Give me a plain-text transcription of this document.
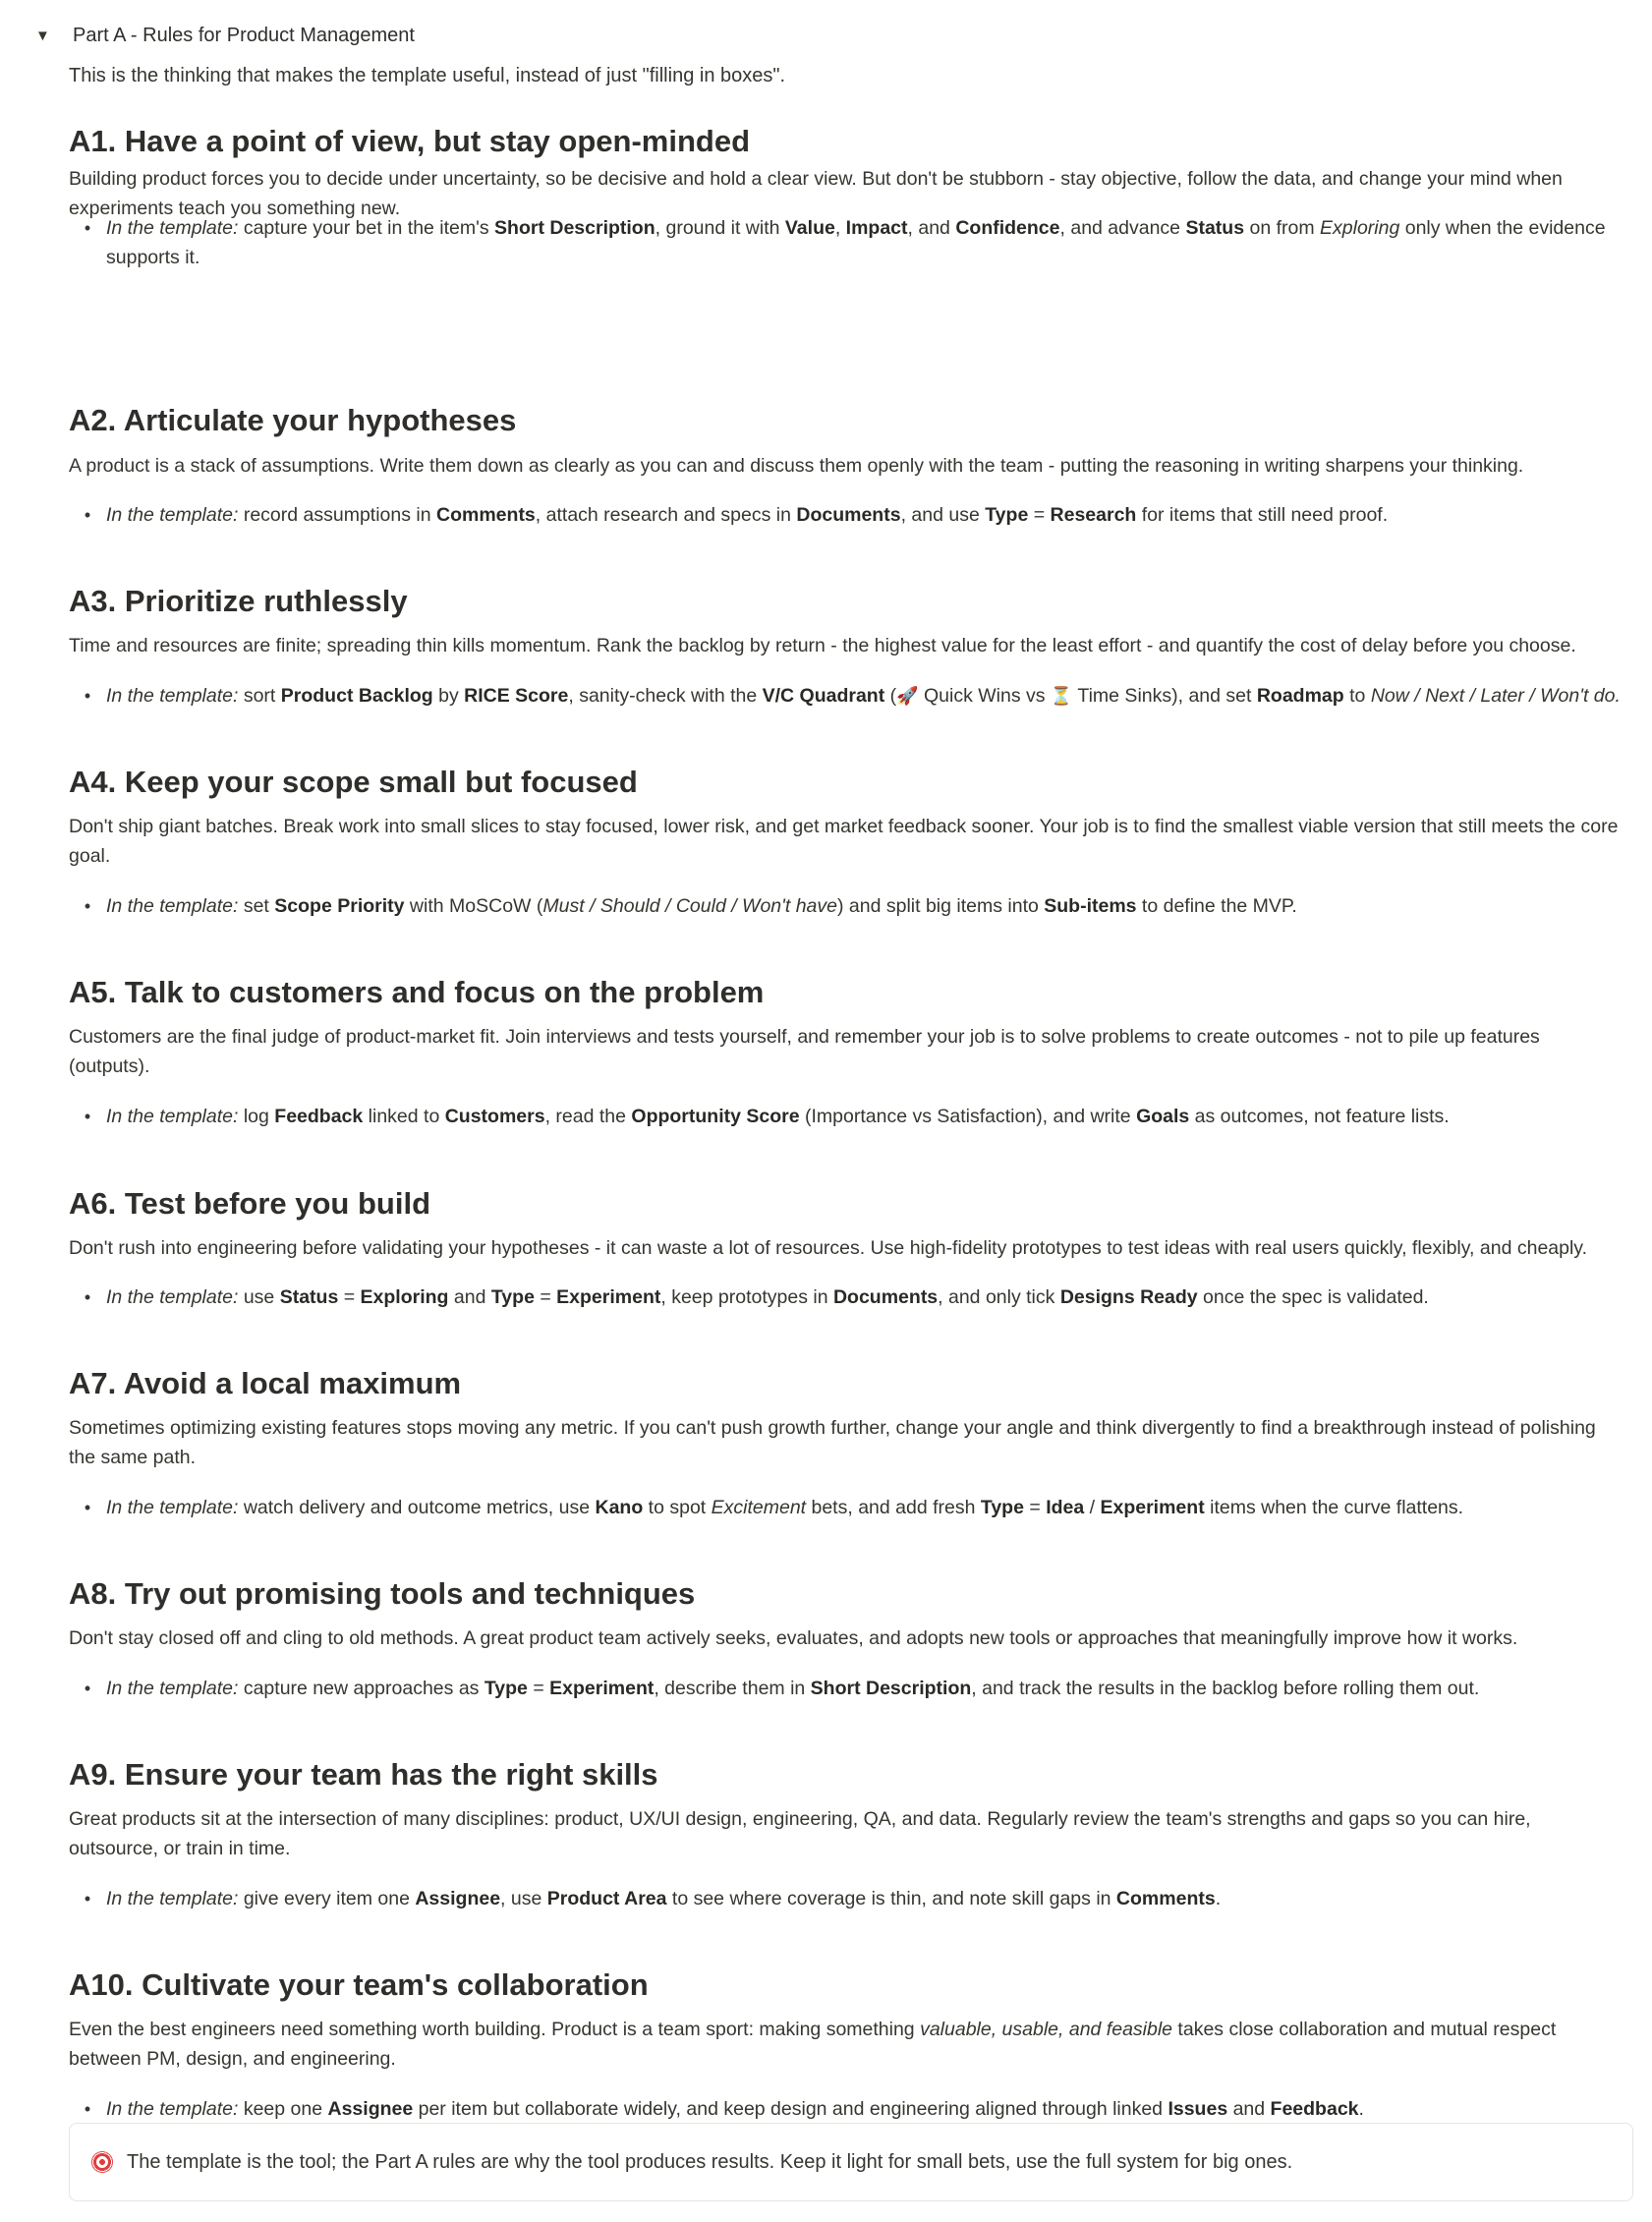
▼ Part A - Rules for Product Management

This is the thinking that makes the template useful, instead of just "filling in boxes".

A1. Have a point of view, but stay open-minded

Building product forces you to decide under uncertainty, so be decisive and hold a clear view. But don't be stubborn - stay objective, follow the data, and change your mind when experiments teach you something new.

• In the template: capture your bet in the item's Short Description, ground it with Value, Impact, and Confidence, and advance Status on from Exploring only when the evidence supports it.
A2. Articulate your hypotheses

A product is a stack of assumptions. Write them down as clearly as you can and discuss them openly with the team - putting the reasoning in writing sharpens your thinking.

• In the template: record assumptions in Comments, attach research and specs in Documents, and use Type = Research for items that still need proof.
A3. Prioritize ruthlessly

Time and resources are finite; spreading thin kills momentum. Rank the backlog by return - the highest value for the least effort - and quantify the cost of delay before you choose.

• In the template: sort Product Backlog by RICE Score, sanity-check with the V/C Quadrant (🚀 Quick Wins vs ⏳ Time Sinks), and set Roadmap to Now / Next / Later / Won't do.
A4. Keep your scope small but focused

Don't ship giant batches. Break work into small slices to stay focused, lower risk, and get market feedback sooner. Your job is to find the smallest viable version that still meets the core goal.

• In the template: set Scope Priority with MoSCoW (Must / Should / Could / Won't have) and split big items into Sub-items to define the MVP.
A5. Talk to customers and focus on the problem

Customers are the final judge of product-market fit. Join interviews and tests yourself, and remember your job is to solve problems to create outcomes - not to pile up features (outputs).

• In the template: log Feedback linked to Customers, read the Opportunity Score (Importance vs Satisfaction), and write Goals as outcomes, not feature lists.
A6. Test before you build

Don't rush into engineering before validating your hypotheses - it can waste a lot of resources. Use high-fidelity prototypes to test ideas with real users quickly, flexibly, and cheaply.

• In the template: use Status = Exploring and Type = Experiment, keep prototypes in Documents, and only tick Designs Ready once the spec is validated.
A7. Avoid a local maximum

Sometimes optimizing existing features stops moving any metric. If you can't push growth further, change your angle and think divergently to find a breakthrough instead of polishing the same path.

• In the template: watch delivery and outcome metrics, use Kano to spot Excitement bets, and add fresh Type = Idea / Experiment items when the curve flattens.
A8. Try out promising tools and techniques

Don't stay closed off and cling to old methods. A great product team actively seeks, evaluates, and adopts new tools or approaches that meaningfully improve how it works.

• In the template: capture new approaches as Type = Experiment, describe them in Short Description, and track the results in the backlog before rolling them out.
A9. Ensure your team has the right skills

Great products sit at the intersection of many disciplines: product, UX/UI design, engineering, QA, and data. Regularly review the team's strengths and gaps so you can hire, outsource, or train in time.

• In the template: give every item one Assignee, use Product Area to see where coverage is thin, and note skill gaps in Comments.
A10. Cultivate your team's collaboration

Even the best engineers need something worth building. Product is a team sport: making something valuable, usable, and feasible takes close collaboration and mutual respect between PM, design, and engineering.

• In the template: keep one Assignee per item but collaborate widely, and keep design and engineering aligned through linked Issues and Feedback.
The template is the tool; the Part A rules are why the tool produces results. Keep it light for small bets, use the full system for big ones.
